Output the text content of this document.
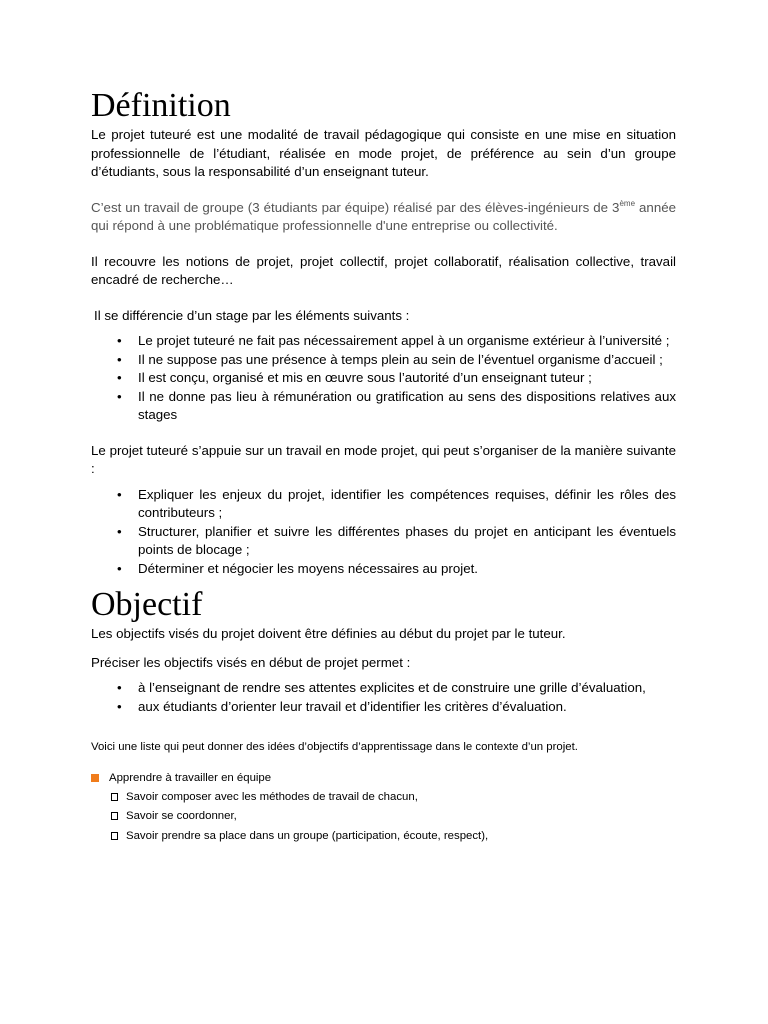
Définition

Le projet tuteuré est une modalité de travail pédagogique qui consiste en une mise en situation professionnelle de l’étudiant, réalisée en mode projet, de préférence au sein d’un groupe d’étudiants, sous la responsabilité d’un enseignant tuteur.

C’est un travail de groupe (3 étudiants par équipe) réalisé par des élèves-ingénieurs de 3ème année qui répond à une problématique professionnelle d'une entreprise ou collectivité.

Il recouvre les notions de projet, projet collectif, projet collaboratif, réalisation collective, travail encadré de recherche…

Il se différencie d’un stage par les éléments suivants :

• Le projet tuteuré ne fait pas nécessairement appel à un organisme extérieur à l’université ;
• Il ne suppose pas une présence à temps plein au sein de l’éventuel organisme d’accueil ;
• Il est conçu, organisé et mis en œuvre sous l’autorité d’un enseignant tuteur ;
• Il ne donne pas lieu à rémunération ou gratification au sens des dispositions relatives aux stages

Le projet tuteuré s’appuie sur un travail en mode projet, qui peut s’organiser de la manière suivante :

• Expliquer les enjeux du projet, identifier les compétences requises, définir les rôles des contributeurs ;
• Structurer, planifier et suivre les différentes phases du projet en anticipant les éventuels points de blocage ;
• Déterminer et négocier les moyens nécessaires au projet.
Objectif

Les objectifs visés du projet doivent être définies au début du projet par le tuteur.

Préciser les objectifs visés en début de projet permet :

• à l’enseignant de rendre ses attentes explicites et de construire une grille d’évaluation,
• aux étudiants d’orienter leur travail et d’identifier les critères d’évaluation.
Voici une liste qui peut donner des idées d’objectifs d’apprentissage dans le contexte d’un projet.
Apprendre à travailler en équipe
Savoir composer avec les méthodes de travail de chacun,
Savoir se coordonner,
Savoir prendre sa place dans un groupe (participation, écoute, respect),
